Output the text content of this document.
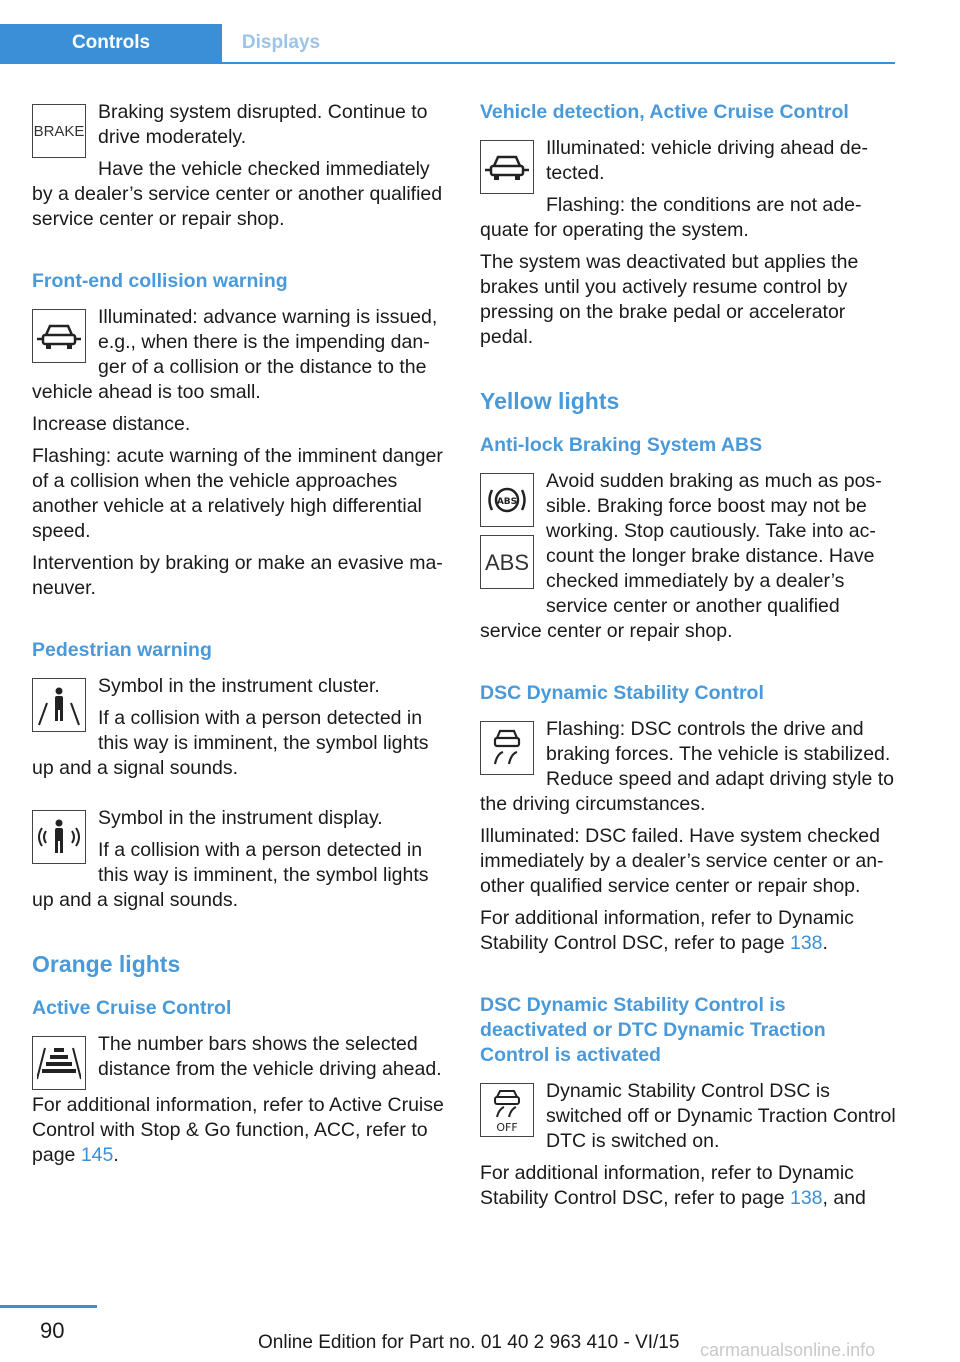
Controls	Displays
BRAKE

Braking system disrupted. Continue to drive moderately.

Have the vehicle checked immediately by a dealer’s service center or another qualified service center or repair shop.

Front-end collision warning

Illuminated: advance warning is issued, e.g., when there is the impending danger of a collision or the distance to the vehicle ahead is too small.

Increase distance.

Flashing: acute warning of the imminent danger of a collision when the vehicle approaches another vehicle at a relatively high differential speed.

Intervention by braking or make an evasive maneuver.

Pedestrian warning

Symbol in the instrument cluster.

If a collision with a person detected in this way is imminent, the symbol lights up and a signal sounds.

Symbol in the instrument display.

If a collision with a person detected in this way is imminent, the symbol lights up and a signal sounds.

Orange lights
Active Cruise Control

The number bars shows the selected distance from the vehicle driving ahead.

For additional information, refer to Active Cruise Control with Stop & Go function, ACC, refer to page 145.

Vehicle detection, Active Cruise Control

Illuminated: vehicle driving ahead detected.

Flashing: the conditions are not adequate for operating the system.

The system was deactivated but applies the brakes until you actively resume control by pressing on the brake pedal or accelerator pedal.

Yellow lights
Anti-lock Braking System ABS
ABS
ABS

Avoid sudden braking as much as possible. Braking force boost may not be working. Stop cautiously. Take into account the longer brake distance. Have checked immediately by a dealer’s service center or another qualified service center or repair shop.

DSC Dynamic Stability Control

Flashing: DSC controls the drive and braking forces. The vehicle is stabilized. Reduce speed and adapt driving style to the driving circumstances.

Illuminated: DSC failed. Have system checked immediately by a dealer’s service center or another qualified service center or repair shop.

For additional information, refer to Dynamic Stability Control DSC, refer to page 138.

DSC Dynamic Stability Control is deactivated or DTC Dynamic Traction Control is activated
OFF

Dynamic Stability Control DSC is switched off or Dynamic Traction Control DTC is switched on.

For additional information, refer to Dynamic Stability Control DSC, refer to page 138, and

90	Online Edition for Part no. 01 40 2 963 410 - VI/15 carmanualsonline.info
